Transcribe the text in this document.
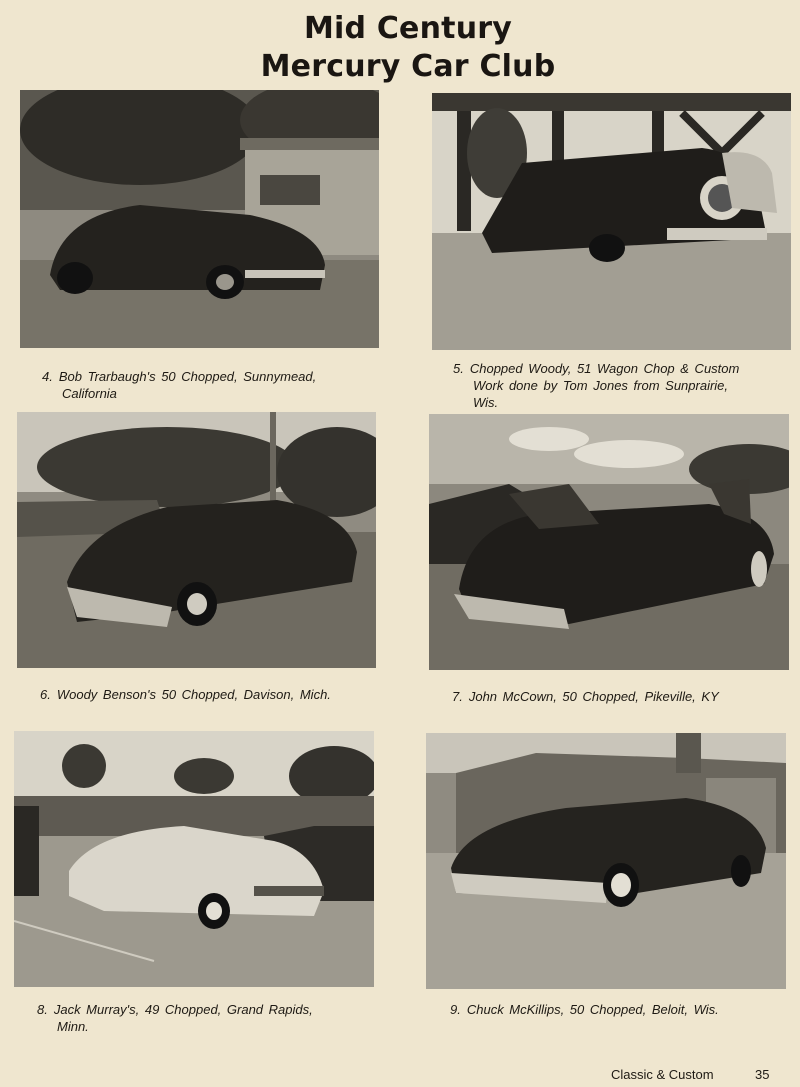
Mid Century
Mercury Car Club
4. Bob Trarbaugh's 50 Chopped, Sunnymead,
California
5. Chopped Woody, 51 Wagon Chop & Custom
Work done by Tom Jones from Sunprairie,
Wis.
6. Woody Benson's 50 Chopped, Davison, Mich.	7. John McCown, 50 Chopped, Pikeville, KY
8. Jack Murray's, 49 Chopped, Grand Rapids,
Minn.
9. Chuck McKillips, 50 Chopped, Beloit, Wis.
Classic & Custom	35
